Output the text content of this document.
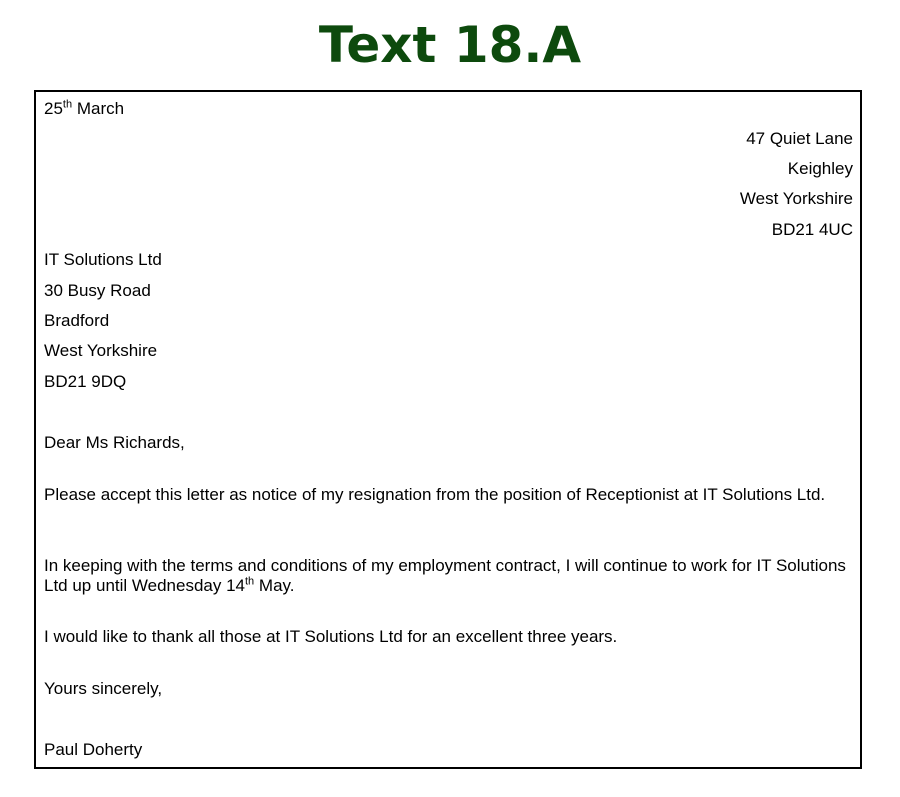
Text 18.A

25th March

47 Quiet Lane

Keighley

West Yorkshire

BD21 4UC

IT Solutions Ltd

30 Busy Road

Bradford

West Yorkshire

BD21 9DQ

Dear Ms Richards,

Please accept this letter as notice of my resignation from the position of Receptionist at IT Solutions Ltd.

In keeping with the terms and conditions of my employment contract, I will continue to work for IT Solutions Ltd up until Wednesday 14th May.

I would like to thank all those at IT Solutions Ltd for an excellent three years.

Yours sincerely,

Paul Doherty
